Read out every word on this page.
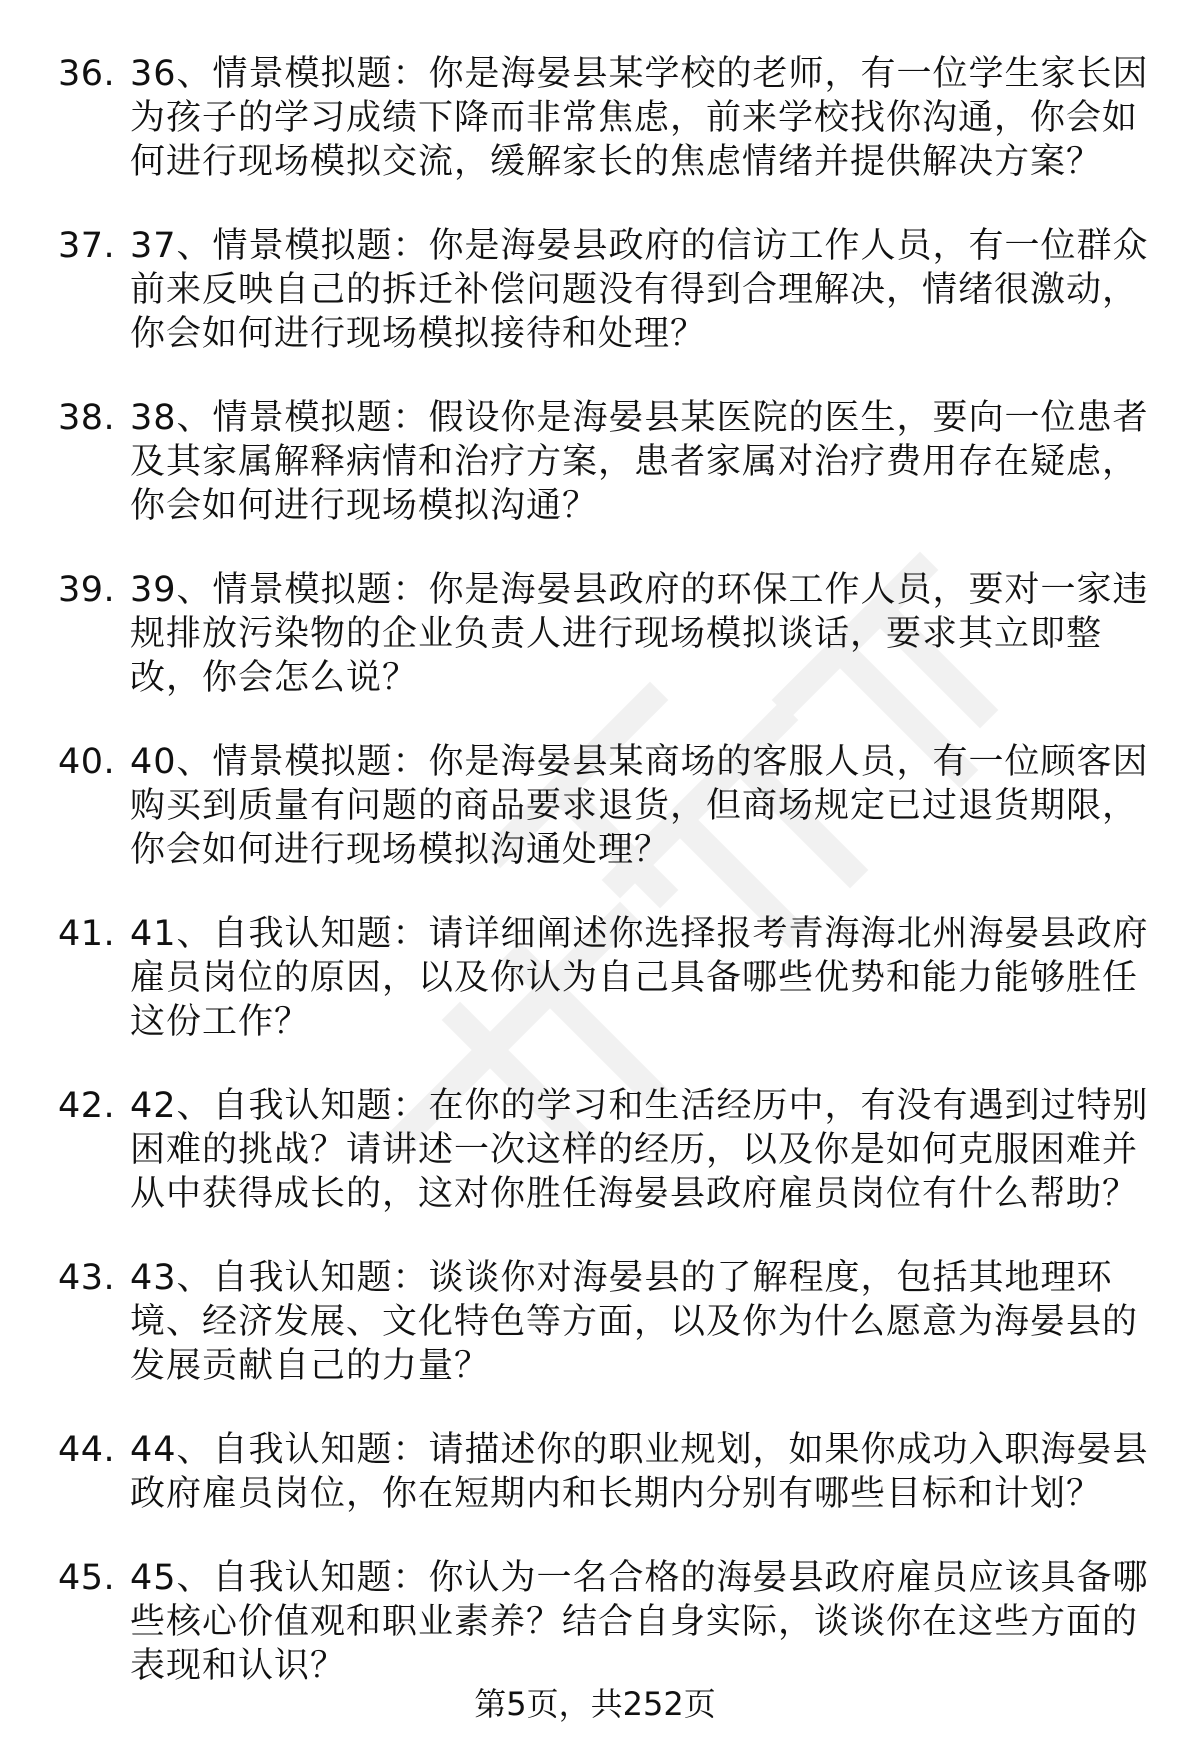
36. 36、情景模拟题：你是海晏县某学校的老师，有一位学生家长因为孩子的学习成绩下降而非常焦虑，前来学校找你沟通，你会如何进行现场模拟交流，缓解家长的焦虑情绪并提供解决方案？
37. 37、情景模拟题：你是海晏县政府的信访工作人员，有一位群众前来反映自己的拆迁补偿问题没有得到合理解决，情绪很激动，你会如何进行现场模拟接待和处理？
38. 38、情景模拟题：假设你是海晏县某医院的医生，要向一位患者及其家属解释病情和治疗方案，患者家属对治疗费用存在疑虑，你会如何进行现场模拟沟通？
39. 39、情景模拟题：你是海晏县政府的环保工作人员，要对一家违规排放污染物的企业负责人进行现场模拟谈话，要求其立即整改，你会怎么说？
40. 40、情景模拟题：你是海晏县某商场的客服人员，有一位顾客因购买到质量有问题的商品要求退货，但商场规定已过退货期限，你会如何进行现场模拟沟通处理？
41. 41、自我认知题：请详细阐述你选择报考青海海北州海晏县政府雇员岗位的原因，以及你认为自己具备哪些优势和能力能够胜任这份工作？
42. 42、自我认知题：在你的学习和生活经历中，有没有遇到过特别困难的挑战？请讲述一次这样的经历，以及你是如何克服困难并从中获得成长的，这对你胜任海晏县政府雇员岗位有什么帮助？
43. 43、自我认知题：谈谈你对海晏县的了解程度，包括其地理环境、经济发展、文化特色等方面，以及你为什么愿意为海晏县的发展贡献自己的力量？
44. 44、自我认知题：请描述你的职业规划，如果你成功入职海晏县政府雇员岗位，你在短期内和长期内分别有哪些目标和计划？
45. 45、自我认知题：你认为一名合格的海晏县政府雇员应该具备哪些核心价值观和职业素养？结合自身实际，谈谈你在这些方面的表现和认识？
第5页，共252页
